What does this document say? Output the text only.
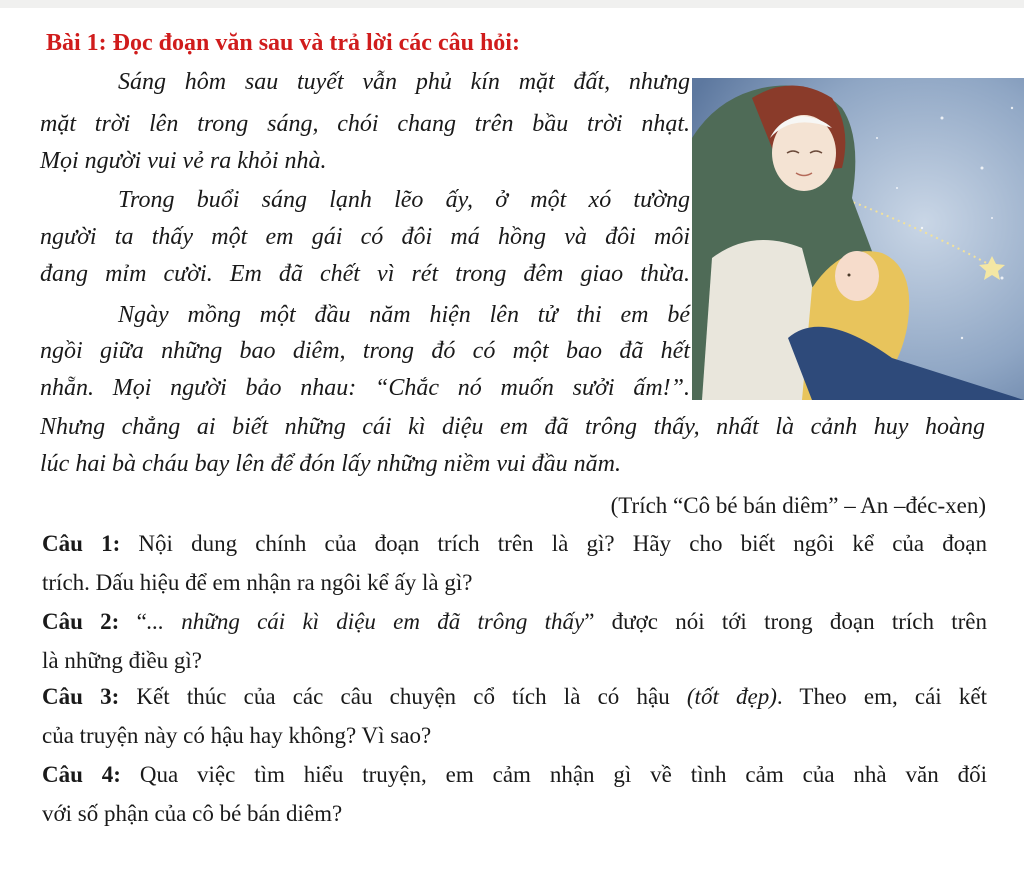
Bài 1: Đọc đoạn văn sau và trả lời các câu hỏi:
Sáng hôm sau tuyết vẫn phủ kín mặt đất, nhưng
mặt trời lên trong sáng, chói chang trên bầu trời nhạt.
Mọi người vui vẻ ra khỏi nhà.
Trong buổi sáng lạnh lẽo ấy, ở một xó tường
người ta thấy một em gái có đôi má hồng và đôi môi
đang mỉm cười. Em đã chết vì rét trong đêm giao thừa.
Ngày mồng một đầu năm hiện lên tử thi em bé
ngồi giữa những bao diêm, trong đó có một bao đã hết
nhẵn. Mọi người bảo nhau: “Chắc nó muốn sưởi ấm!”.
Nhưng chẳng ai biết những cái kì diệu em đã trông thấy, nhất là cảnh huy hoàng
lúc hai bà cháu bay lên để đón lấy những niềm vui đầu năm.
(Trích “Cô bé bán diêm” – An –đéc-xen)
Câu 1: Nội dung chính của đoạn trích trên là gì? Hãy cho biết ngôi kể của đoạn
trích. Dấu hiệu để em nhận ra ngôi kể ấy là gì?
Câu 2: “... những cái kì diệu em đã trông thấy” được nói tới trong đoạn trích trên
là những điều gì?
Câu 3: Kết thúc của các câu chuyện cổ tích là có hậu (tốt đẹp). Theo em, cái kết
của truyện này có hậu hay không? Vì sao?
Câu 4: Qua việc tìm hiểu truyện, em cảm nhận gì về tình cảm của nhà văn đối
với số phận của cô bé bán diêm?
